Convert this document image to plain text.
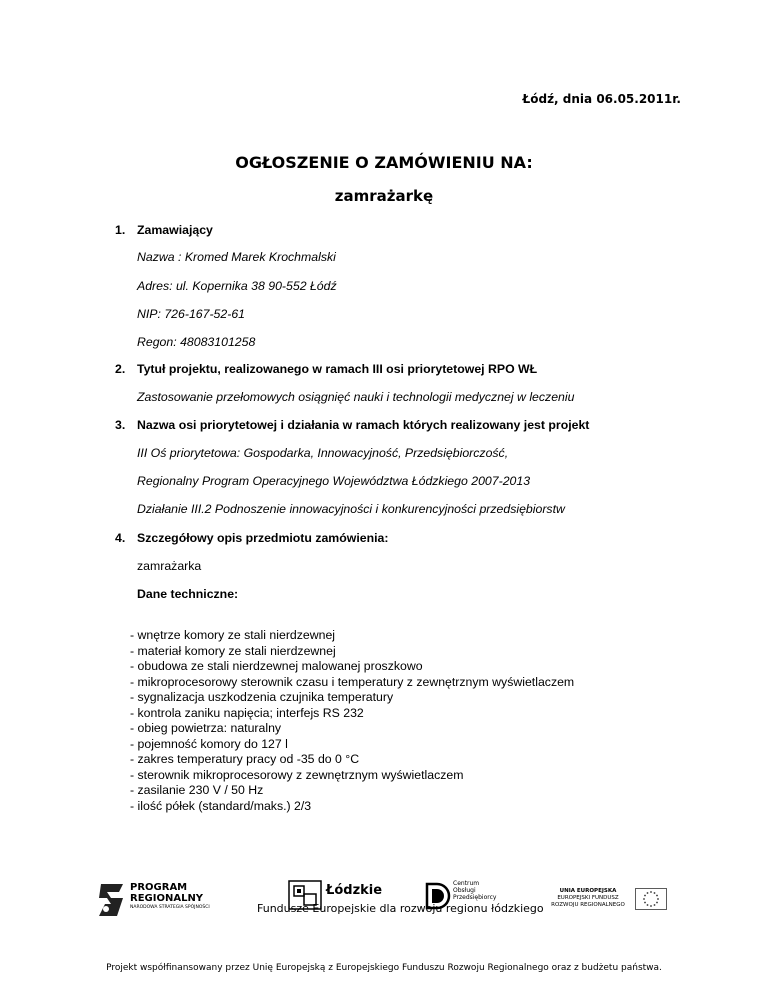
Łódź, dnia 06.05.2011r.
OGŁOSZENIE O ZAMÓWIENIU NA:
zamrażarkę
1. Zamawiający
Nazwa : Kromed Marek Krochmalski
Adres: ul. Kopernika 38 90-552 Łódź
NIP: 726-167-52-61
Regon: 48083101258
2. Tytuł projektu, realizowanego w ramach III osi priorytetowej RPO WŁ
Zastosowanie przełomowych osiągnięć nauki i technologii medycznej w leczeniu
3. Nazwa osi priorytetowej i działania w ramach których realizowany jest projekt
III Oś priorytetowa: Gospodarka, Innowacyjność, Przedsiębiorczość,
Regionalny Program Operacyjnego Województwa Łódzkiego 2007-2013
Działanie III.2 Podnoszenie innowacyjności i konkurencyjności przedsiębiorstw
4. Szczegółowy opis przedmiotu zamówienia:
zamrażarka
Dane techniczne:
- wnętrze komory ze stali nierdzewnej
- materiał komory ze stali nierdzewnej
- obudowa ze stali nierdzewnej malowanej proszkowo
- mikroprocesorowy sterownik czasu i temperatury z zewnętrznym wyświetlaczem
- sygnalizacja uszkodzenia czujnika temperatury
- kontrola zaniku napięcia; interfejs RS 232
- obieg powietrza: naturalny
- pojemność komory do 127 l
- zakres temperatury pracy od -35 do 0 °C
- sterownik mikroprocesorowy z zewnętrznym wyświetlaczem
- zasilanie 230 V / 50 Hz
- ilość półek (standard/maks.) 2/3
PROGRAM
REGIONALNY
NARODOWA STRATEGIA SPÓJNOŚCI
Łódzkie	Centrum
Obsługi
Przedsiębiorcy
Fundusze Europejskie dla rozwoju regionu łódzkiego
UNIA EUROPEJSKA
EUROPEJSKI FUNDUSZ
ROZWOJU REGIONALNEGO
Projekt współfinansowany przez Unię Europejską z Europejskiego Funduszu Rozwoju Regionalnego oraz z budżetu państwa.
